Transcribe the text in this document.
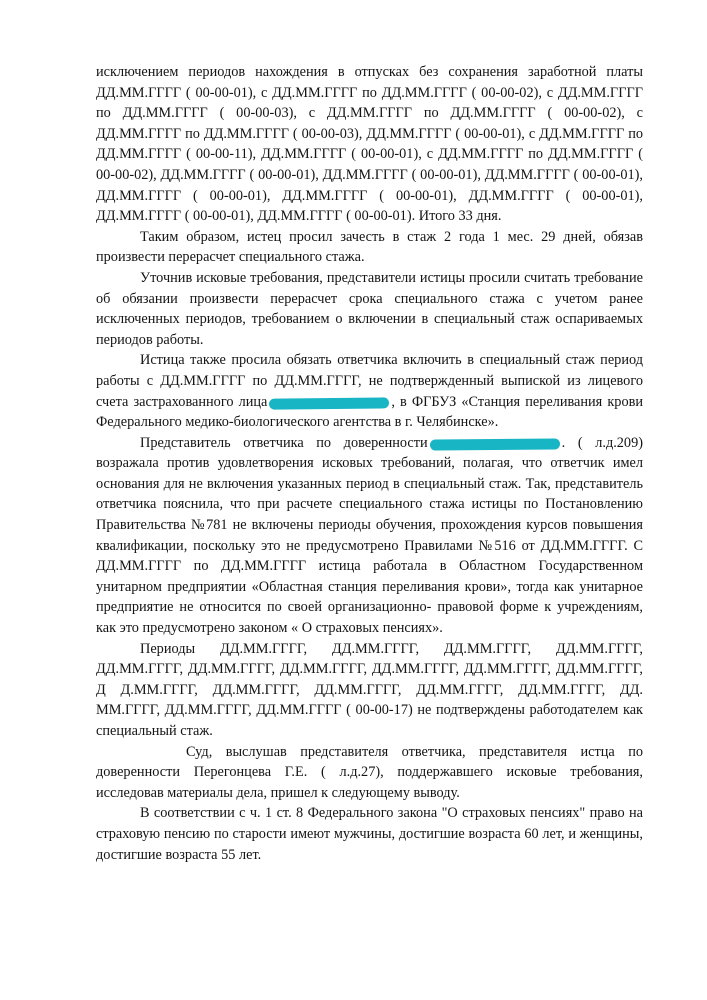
исключением периодов нахождения в отпусках без сохранения заработной платы ДД.ММ.ГГГГ ( 00-00-01), с ДД.ММ.ГГГГ по ДД.ММ.ГГГГ ( 00-00-02), с ДД.ММ.ГГГГ по ДД.ММ.ГГГГ ( 00-00-03), с ДД.ММ.ГГГГ по ДД.ММ.ГГГГ ( 00-00-02), с ДД.ММ.ГГГГ по ДД.ММ.ГГГГ ( 00-00-03), ДД.ММ.ГГГГ ( 00-00-01), с ДД.ММ.ГГГГ по ДД.ММ.ГГГГ ( 00-00-11), ДД.ММ.ГГГГ ( 00-00-01), с ДД.ММ.ГГГГ по ДД.ММ.ГГГГ ( 00-00-02), ДД.ММ.ГГГГ ( 00-00-01), ДД.ММ.ГГГГ ( 00-00-01), ДД.ММ.ГГГГ ( 00-00-01), ДД.ММ.ГГГГ ( 00-00-01), ДД.ММ.ГГГГ ( 00-00-01), ДД.ММ.ГГГГ ( 00-00-01), ДД.ММ.ГГГГ ( 00-00-01), ДД.ММ.ГГГГ ( 00-00-01). Итого 33 дня.

Таким образом, истец просил зачесть в стаж 2 года 1 мес. 29 дней, обязав произвести перерасчет специального стажа.

Уточнив исковые требования, представители истицы просили считать требование об обязании произвести перерасчет срока специального стажа с учетом ранее исключенных периодов, требованием о включении в специальный стаж оспариваемых периодов работы.

Истица также просила обязать ответчика включить в специальный стаж период работы с ДД.ММ.ГГГГ по ДД.ММ.ГГГГ, не подтвержденный выпиской из лицевого счета застрахованного лица	, в ФГБУЗ «Станция переливания крови Федерального медико-биологического агентства в г. Челябинске».

Представитель ответчика по доверенности	. ( л.д.209) возражала против удовлетворения исковых требований, полагая, что ответчик имел основания для не включения указанных период в специальный стаж. Так, представитель ответчика пояснила, что при расчете специального стажа истицы по Постановлению Правительства №781 не включены периоды обучения, прохождения курсов повышения квалификации, поскольку это не предусмотрено Правилами №516 от ДД.ММ.ГГГГ. С ДД.ММ.ГГГГ по ДД.ММ.ГГГГ истица работала в Областном Государственном унитарном предприятии «Областная станция переливания крови», тогда как унитарное предприятие не относится по своей организационно- правовой форме к учреждениям, как это предусмотрено законом « О страховых пенсиях».

Периоды ДД.ММ.ГГГГ, ДД.ММ.ГГГГ, ДД.ММ.ГГГГ, ДД.ММ.ГГГГ, ДД.ММ.ГГГГ, ДД.ММ.ГГГГ, ДД.ММ.ГГГГ, ДД.ММ.ГГГГ, ДД.ММ.ГГГГ, ДД.ММ.ГГГГ, Д Д.ММ.ГГГГ, ДД.ММ.ГГГГ, ДД.ММ.ГГГГ, ДД.ММ.ГГГГ, ДД.ММ.ГГГГ, ДД. ММ.ГГГГ, ДД.ММ.ГГГГ, ДД.ММ.ГГГГ ( 00-00-17) не подтверждены работодателем как специальный стаж.

Суд, выслушав представителя ответчика, представителя истца по доверенности Перегонцева Г.Е. ( л.д.27), поддержавшего исковые требования, исследовав материалы дела, пришел к следующему выводу.

В соответствии с ч. 1 ст. 8 Федерального закона "О страховых пенсиях" право на страховую пенсию по старости имеют мужчины, достигшие возраста 60 лет, и женщины, достигшие возраста 55 лет.
